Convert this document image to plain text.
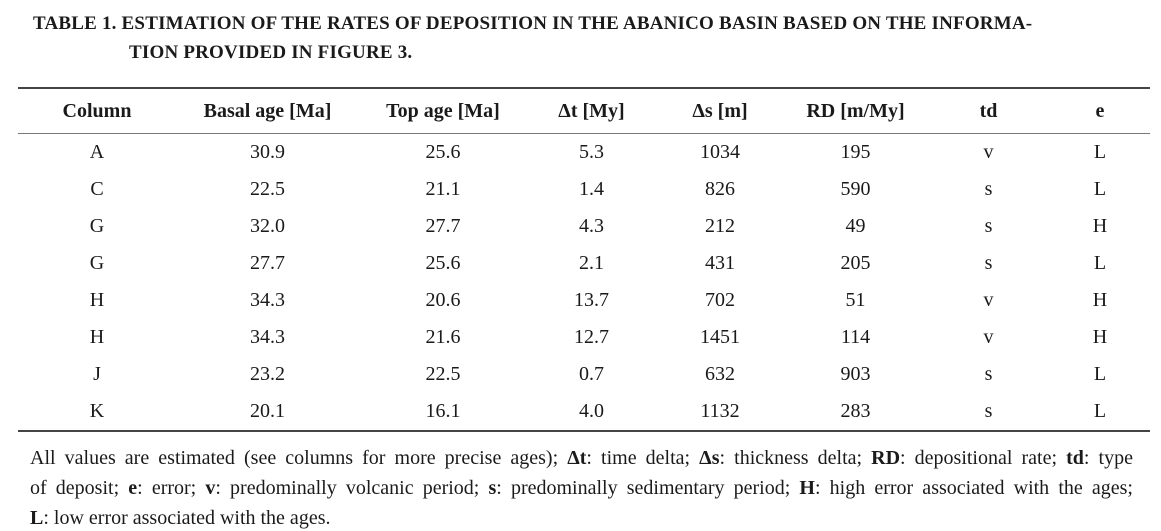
TABLE 1. ESTIMATION OF THE RATES OF DEPOSITION IN THE ABANICO BASIN BASED ON THE INFORMA-
TION PROVIDED IN FIGURE 3.
Column	Basal age [Ma]	Top age [Ma]	Δt [My]	Δs [m]	RD [m/My]	td	e
A	30.9	25.6	5.3	1034	195	v	L
C	22.5	21.1	1.4	826	590	s	L
G	32.0	27.7	4.3	212	49	s	H
G	27.7	25.6	2.1	431	205	s	L
H	34.3	20.6	13.7	702	51	v	H
H	34.3	21.6	12.7	1451	114	v	H
J	23.2	22.5	0.7	632	903	s	L
K	20.1	16.1	4.0	1132	283	s	L
All values are estimated (see columns for more precise ages); Δt: time delta; Δs: thickness delta; RD: depositional rate; td: type
of deposit; e: error; v: predominally volcanic period; s: predominally sedimentary period; H: high error associated with the ages;
L: low error associated with the ages.
